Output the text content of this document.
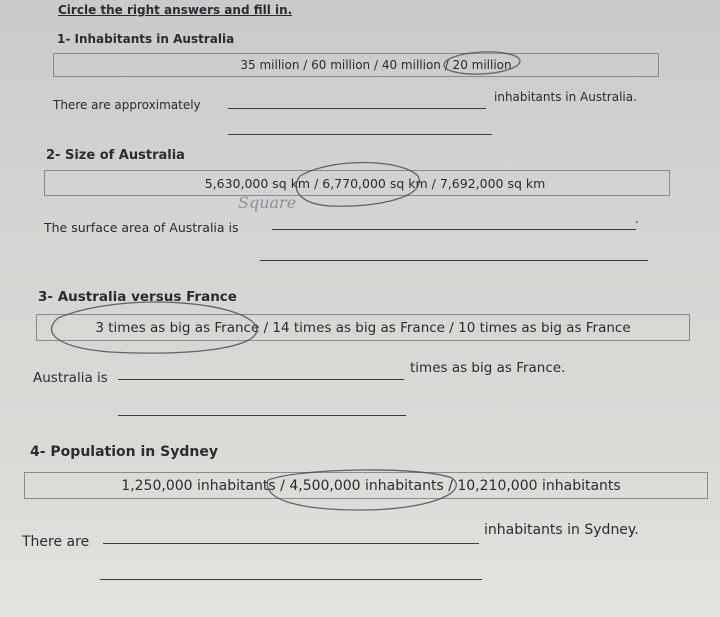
Circle the right answers and fill in.
1- Inhabitants in Australia
35 million / 60 million / 40 million / 20 million
There are approximately
inhabitants in Australia.
2- Size of Australia
5,630,000 sq km / 6,770,000 sq km / 7,692,000 sq km
Square
The surface area of Australia is
.
3- Australia versus France
3 times as big as France / 14 times as big as France / 10 times as big as France
Australia is
times as big as France.
4- Population in Sydney
1,250,000 inhabitants / 4,500,000 inhabitants / 10,210,000 inhabitants
There are
inhabitants in Sydney.
